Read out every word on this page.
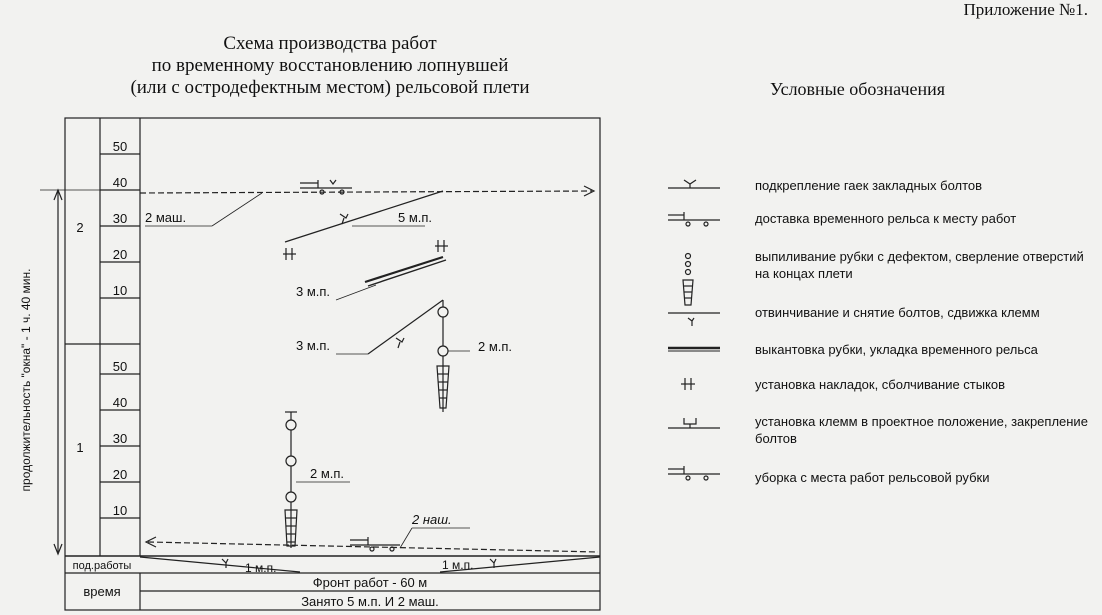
Приложение №1.
Схема производства работ
по временному восстановлению лопнувшей
(или с остродефектным местом) рельсовой плети	Условные обозначения
продолжительность "окна" - 1 ч. 40 мин.
2
1
50
40
30
20
10
50
40
30
20
10
под.работы
время
Фронт работ - 60 м
Занято 5 м.п. И 2 маш.
2 маш.	5 м.п.
3 м.п.
3 м.п.	2 м.п.
2 м.п.
2 наш.
1 м.п.	1 м.п.
подкрепление гаек закладных болтов
доставка временного рельса к месту работ
выпиливание рубки с дефектом, сверление отверстий на концах плети
отвинчивание и снятие болтов, сдвижка клемм
выкантовка рубки, укладка временного рельса
установка накладок, сболчивание стыков
установка клемм в проектное положение, закрепление болтов
уборка с места работ рельсовой рубки
